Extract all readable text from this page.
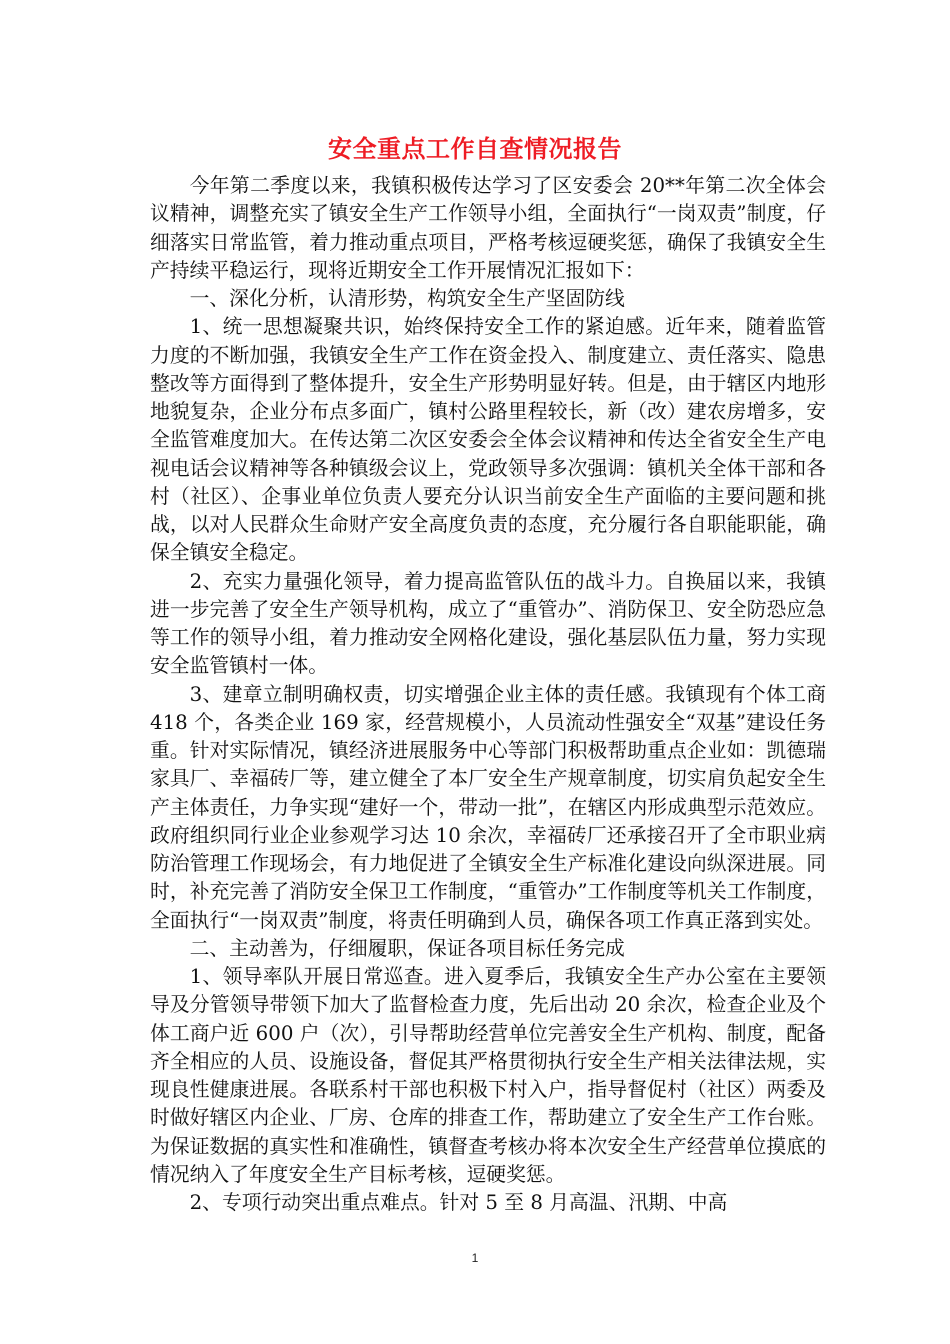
安全重点工作自查情况报告

今年第二季度以来，我镇积极传达学习了区安委会 20**年第二次全体会议精神，调整充实了镇安全生产工作领导小组，全面执行“一岗双责”制度，仔细落实日常监管，着力推动重点项目，严格考核逗硬奖惩，确保了我镇安全生产持续平稳运行，现将近期安全工作开展情况汇报如下：

一、深化分析，认清形势，构筑安全生产坚固防线

1、统一思想凝聚共识，始终保持安全工作的紧迫感。近年来，随着监管力度的不断加强，我镇安全生产工作在资金投入、制度建立、责任落实、隐患整改等方面得到了整体提升，安全生产形势明显好转。但是，由于辖区内地形地貌复杂，企业分布点多面广，镇村公路里程较长，新（改）建农房增多，安全监管难度加大。在传达第二次区安委会全体会议精神和传达全省安全生产电视电话会议精神等各种镇级会议上，党政领导多次强调：镇机关全体干部和各村（社区）、企事业单位负责人要充分认识当前安全生产面临的主要问题和挑战，以对人民群众生命财产安全高度负责的态度，充分履行各自职能职能，确保全镇安全稳定。

2、充实力量强化领导，着力提高监管队伍的战斗力。自换届以来，我镇进一步完善了安全生产领导机构，成立了“重管办”、消防保卫、安全防恐应急等工作的领导小组，着力推动安全网格化建设，强化基层队伍力量，努力实现安全监管镇村一体。

3、建章立制明确权责，切实增强企业主体的责任感。我镇现有个体工商 418 个，各类企业 169 家，经营规模小，人员流动性强安全“双基”建设任务重。针对实际情况，镇经济进展服务中心等部门积极帮助重点企业如：凯德瑞家具厂、幸福砖厂等，建立健全了本厂安全生产规章制度，切实肩负起安全生产主体责任，力争实现“建好一个，带动一批”，在辖区内形成典型示范效应。政府组织同行业企业参观学习达 10 余次，幸福砖厂还承接召开了全市职业病防治管理工作现场会，有力地促进了全镇安全生产标准化建设向纵深进展。同时，补充完善了消防安全保卫工作制度，“重管办”工作制度等机关工作制度，全面执行“一岗双责”制度，将责任明确到人员，确保各项工作真正落到实处。

二、主动善为，仔细履职，保证各项目标任务完成

1、领导率队开展日常巡查。进入夏季后，我镇安全生产办公室在主要领导及分管领导带领下加大了监督检查力度，先后出动 20 余次，检查企业及个体工商户近 600 户（次），引导帮助经营单位完善安全生产机构、制度，配备齐全相应的人员、设施设备，督促其严格贯彻执行安全生产相关法律法规，实现良性健康进展。各联系村干部也积极下村入户，指导督促村（社区）两委及时做好辖区内企业、厂房、仓库的排查工作，帮助建立了安全生产工作台账。为保证数据的真实性和准确性，镇督查考核办将本次安全生产经营单位摸底的情况纳入了年度安全生产目标考核，逗硬奖惩。

2、专项行动突出重点难点。针对 5 至 8 月高温、汛期、中高

1
